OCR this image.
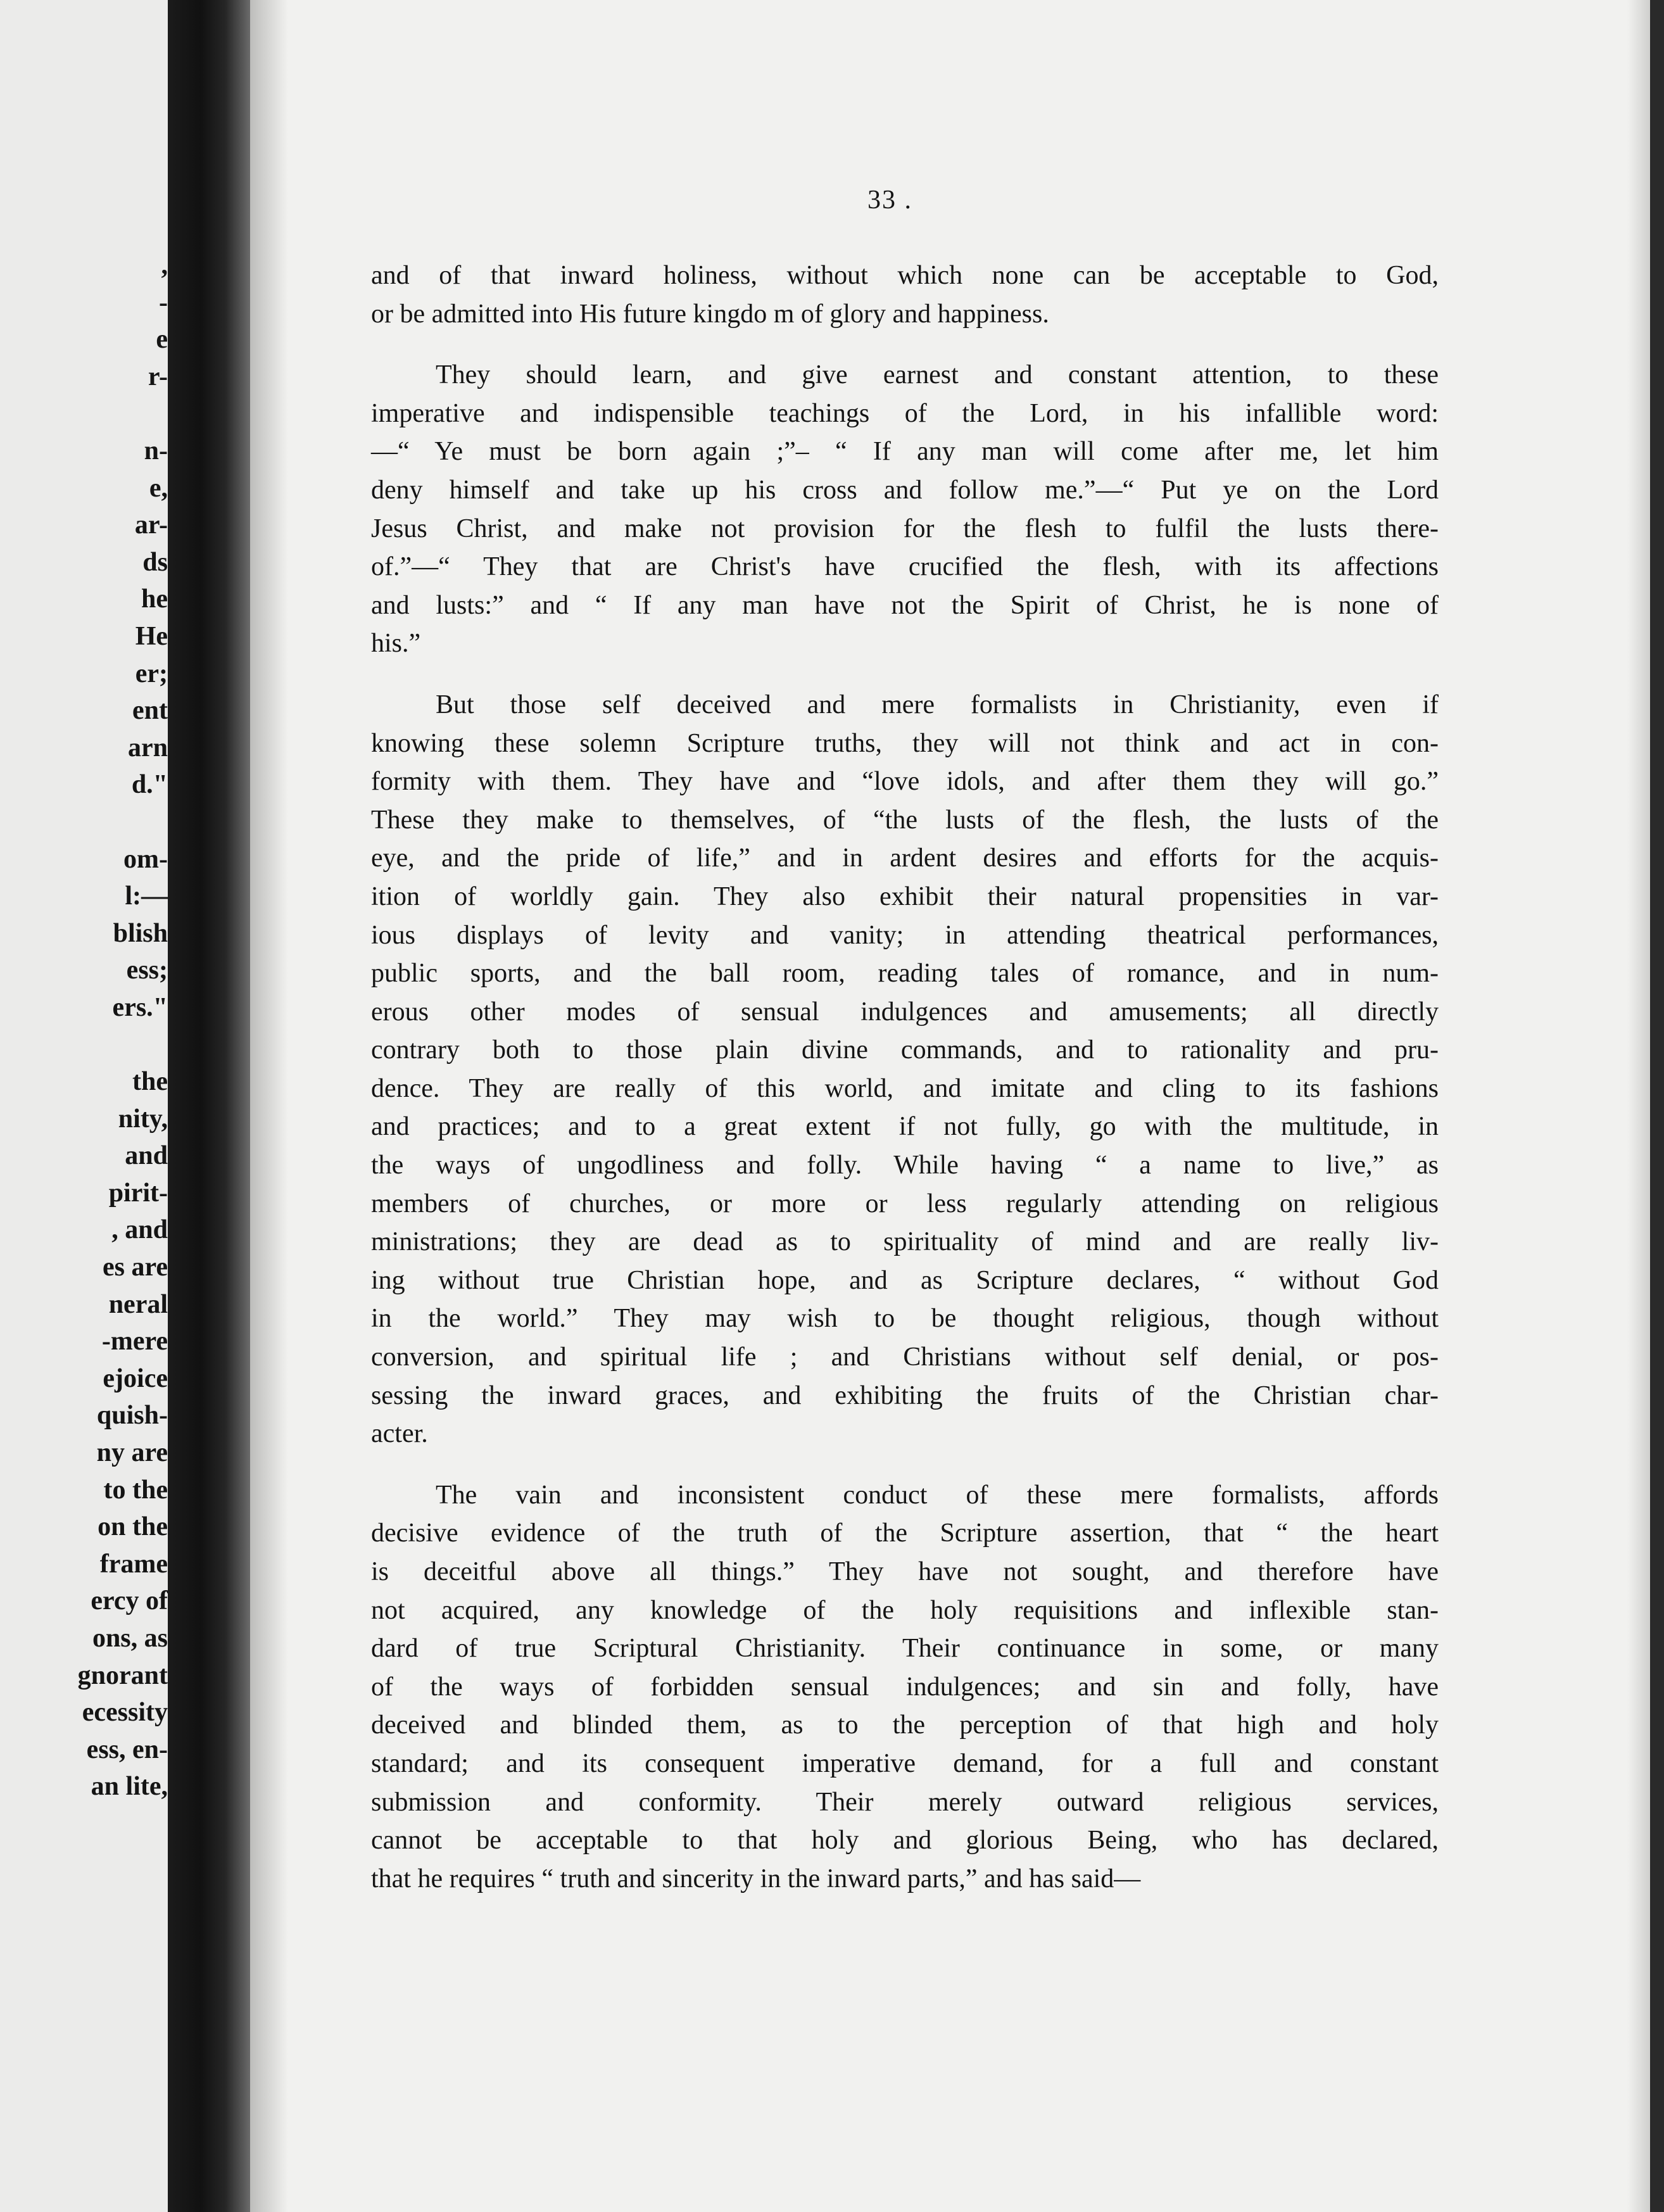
,
-
e
r-
n-
e,
ar-
ds
he
He
er;
ent
arn
d."
om-
l:—
blish
ess;
ers."
the
nity,
and
pirit-
, and
es are
neral
-mere
ejoice
quish-
ny are
to the
on the
frame
ercy of
ons, as
gnorant
ecessity
ess, en-
an lite,
33 .
and of that inward holiness, without which none can be acceptable to God,
or be admitted into His future kingdo m of glory and happiness.
They should learn, and give earnest and constant attention, to these
imperative and indispensible teachings of the Lord, in his infallible word:
—“ Ye must be born again ;”– “ If any man will come after me, let him
deny himself and take up his cross and follow me.”—“ Put ye on the Lord
Jesus Christ, and make not provision for the flesh to fulfil the lusts there-
of.”—“ They that are Christ's have crucified the flesh, with its affections
and lusts:” and “ If any man have not the Spirit of Christ, he is none of
his.”
But those self deceived and mere formalists in Christianity, even if
knowing these solemn Scripture truths, they will not think and act in con-
formity with them. They have and “love idols, and after them they will go.”
These they make to themselves, of “the lusts of the flesh, the lusts of the
eye, and the pride of life,” and in ardent desires and efforts for the acquis-
ition of worldly gain. They also exhibit their natural propensities in var-
ious displays of levity and vanity; in attending theatrical performances,
public sports, and the ball room, reading tales of romance, and in num-
erous other modes of sensual indulgences and amusements; all directly
contrary both to those plain divine commands, and to rationality and pru-
dence. They are really of this world, and imitate and cling to its fashions
and practices; and to a great extent if not fully, go with the multitude, in
the ways of ungodliness and folly. While having “ a name to live,” as
members of churches, or more or less regularly attending on religious
ministrations; they are dead as to spirituality of mind and are really liv-
ing without true Christian hope, and as Scripture declares, “ without God
in the world.” They may wish to be thought religious, though without
conversion, and spiritual life ; and Christians without self denial, or pos-
sessing the inward graces, and exhibiting the fruits of the Christian char-
acter.
The vain and inconsistent conduct of these mere formalists, affords
decisive evidence of the truth of the Scripture assertion, that “ the heart
is deceitful above all things.” They have not sought, and therefore have
not acquired, any knowledge of the holy requisitions and inflexible stan-
dard of true Scriptural Christianity. Their continuance in some, or many
of the ways of forbidden sensual indulgences; and sin and folly, have
deceived and blinded them, as to the perception of that high and holy
standard; and its consequent imperative demand, for a full and constant
submission and conformity. Their merely outward religious services,
cannot be acceptable to that holy and glorious Being, who has declared,
that he requires “ truth and sincerity in the inward parts,” and has said—
